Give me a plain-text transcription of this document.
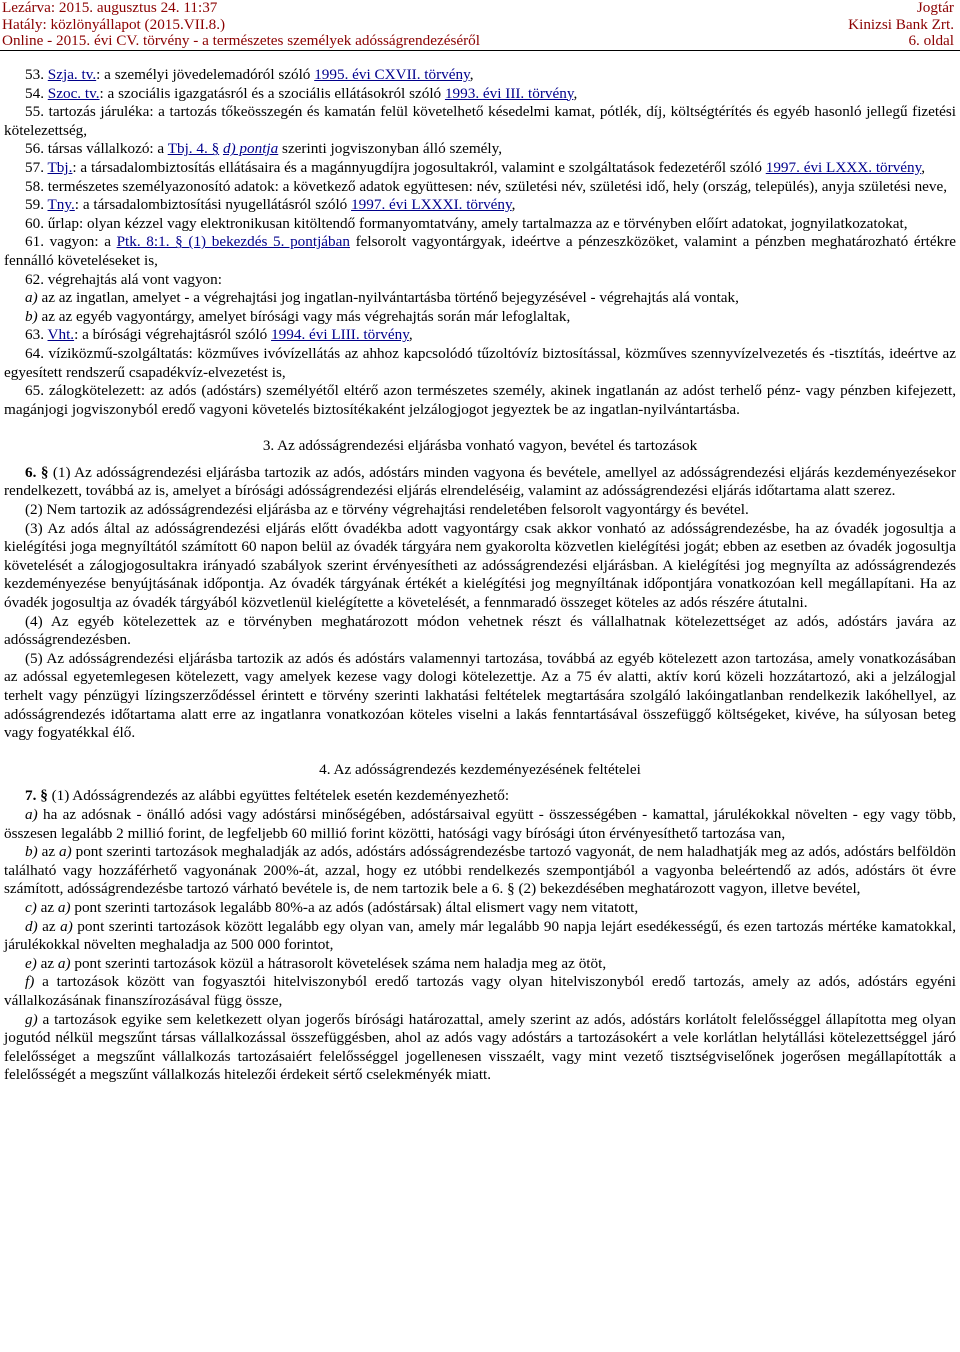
Lezárva: 2015. augusztus 24. 11:37
Hatály: közlönyállapot (2015.VII.8.)
Online - 2015. évi CV. törvény - a természetes személyek adósságrendezéséről
Jogtár
Kinizsi Bank Zrt.
6. oldal

53. Szja. tv.: a személyi jövedelemadóról szóló 1995. évi CXVII. törvény,

54. Szoc. tv.: a szociális igazgatásról és a szociális ellátásokról szóló 1993. évi III. törvény,

55. tartozás járuléka: a tartozás tőkeösszegén és kamatán felül követelhető késedelmi kamat, pótlék, díj, költségtérítés és egyéb hasonló jellegű fizetési kötelezettség,

56. társas vállalkozó: a Tbj. 4. § d) pontja szerinti jogviszonyban álló személy,

57. Tbj.: a társadalombiztosítás ellátásaira és a magánnyugdíjra jogosultakról, valamint e szolgáltatások fedezetéről szóló 1997. évi LXXX. törvény,

58. természetes személyazonosító adatok: a következő adatok együttesen: név, születési név, születési idő, hely (ország, település), anyja születési neve,

59. Tny.: a társadalombiztosítási nyugellátásról szóló 1997. évi LXXXI. törvény,

60. űrlap: olyan kézzel vagy elektronikusan kitöltendő formanyomtatvány, amely tartalmazza az e törvényben előírt adatokat, jognyilatkozatokat,

61. vagyon: a Ptk. 8:1. § (1) bekezdés 5. pontjában felsorolt vagyontárgyak, ideértve a pénzeszközöket, valamint a pénzben meghatározható értékre fennálló követeléseket is,

62. végrehajtás alá vont vagyon:

a) az az ingatlan, amelyet - a végrehajtási jog ingatlan-nyilvántartásba történő bejegyzésével - végrehajtás alá vontak,

b) az az egyéb vagyontárgy, amelyet bírósági vagy más végrehajtás során már lefoglaltak,

63. Vht.: a bírósági végrehajtásról szóló 1994. évi LIII. törvény,

64. víziközmű-szolgáltatás: közműves ivóvízellátás az ahhoz kapcsolódó tűzoltóvíz biztosítással, közműves szennyvízelvezetés és -tisztítás, ideértve az egyesített rendszerű csapadékvíz-elvezetést is,

65. zálogkötelezett: az adós (adóstárs) személyétől eltérő azon természetes személy, akinek ingatlanán az adóst terhelő pénz- vagy pénzben kifejezett, magánjogi jogviszonyból eredő vagyoni követelés biztosítékaként jelzálogjogot jegyeztek be az ingatlan-nyilvántartásba.

3. Az adósságrendezési eljárásba vonható vagyon, bevétel és tartozások

6. § (1) Az adósságrendezési eljárásba tartozik az adós, adóstárs minden vagyona és bevétele, amellyel az adósságrendezési eljárás kezdeményezésekor rendelkezett, továbbá az is, amelyet a bírósági adósságrendezési eljárás elrendeléséig, valamint az adósságrendezési eljárás időtartama alatt szerez.

(2) Nem tartozik az adósságrendezési eljárásba az e törvény végrehajtási rendeletében felsorolt vagyontárgy és bevétel.

(3) Az adós által az adósságrendezési eljárás előtt óvadékba adott vagyontárgy csak akkor vonható az adósságrendezésbe, ha az óvadék jogosultja a kielégítési joga megnyíltától számított 60 napon belül az óvadék tárgyára nem gyakorolta közvetlen kielégítési jogát; ebben az esetben az óvadék jogosultja követelését a zálogjogosultakra irányadó szabályok szerint érvényesítheti az adósságrendezési eljárásban. A kielégítési jog megnyílta az adósságrendezés kezdeményezése benyújtásának időpontja. Az óvadék tárgyának értékét a kielégítési jog megnyíltának időpontjára vonatkozóan kell megállapítani. Ha az óvadék jogosultja az óvadék tárgyából közvetlenül kielégítette a követelését, a fennmaradó összeget köteles az adós részére átutalni.

(4) Az egyéb kötelezettek az e törvényben meghatározott módon vehetnek részt és vállalhatnak kötelezettséget az adós, adóstárs javára az adósságrendezésben.

(5) Az adósságrendezési eljárásba tartozik az adós és adóstárs valamennyi tartozása, továbbá az egyéb kötelezett azon tartozása, amely vonatkozásában az adóssal egyetemlegesen kötelezett, vagy amelyek kezese vagy dologi kötelezettje. Az a 75 év alatti, aktív korú közeli hozzátartozó, aki a jelzálogjal terhelt vagy pénzügyi lízingszerződéssel érintett e törvény szerinti lakhatási feltételek megtartására szolgáló lakóingatlanban rendelkezik lakóhellyel, az adósságrendezés időtartama alatt erre az ingatlanra vonatkozóan köteles viselni a lakás fenntartásával összefüggő költségeket, kivéve, ha súlyosan beteg vagy fogyatékkal élő.

4. Az adósságrendezés kezdeményezésének feltételei

7. § (1) Adósságrendezés az alábbi együttes feltételek esetén kezdeményezhető:

a) ha az adósnak - önálló adósi vagy adóstársi minőségében, adóstársaival együtt - összességében - kamattal, járulékokkal növelten - egy vagy több, összesen legalább 2 millió forint, de legfeljebb 60 millió forint közötti, hatósági vagy bírósági úton érvényesíthető tartozása van,

b) az a) pont szerinti tartozások meghaladják az adós, adóstárs adósságrendezésbe tartozó vagyonát, de nem haladhatják meg az adós, adóstárs belföldön található vagy hozzáférhető vagyonának 200%-át, azzal, hogy ez utóbbi rendelkezés szempontjából a vagyonba beleértendő az adós, adóstárs öt évre számított, adósságrendezésbe tartozó várható bevétele is, de nem tartozik bele a 6. § (2) bekezdésében meghatározott vagyon, illetve bevétel,

c) az a) pont szerinti tartozások legalább 80%-a az adós (adóstársak) által elismert vagy nem vitatott,

d) az a) pont szerinti tartozások között legalább egy olyan van, amely már legalább 90 napja lejárt esedékességű, és ezen tartozás mértéke kamatokkal, járulékokkal növelten meghaladja az 500 000 forintot,

e) az a) pont szerinti tartozások közül a hátrasorolt követelések száma nem haladja meg az ötöt,

f) a tartozások között van fogyasztói hitelviszonyból eredő tartozás vagy olyan hitelviszonyból eredő tartozás, amely az adós, adóstárs egyéni vállalkozásának finanszírozásával függ össze,

g) a tartozások egyike sem keletkezett olyan jogerős bírósági határozattal, amely szerint az adós, adóstárs korlátolt felelősséggel állapította meg olyan jogutód nélkül megszűnt társas vállalkozással összefüggésben, ahol az adós vagy adóstárs a tartozásokért a vele korlátlan helytállási kötelezettséggel járó felelősséget a megszűnt vállalkozás tartozásaiért felelősséggel jogellenesen visszaélt, vagy mint vezető tisztségviselőnek jogerősen megállapították a felelősségét a megszűnt vállalkozás hitelezői érdekeit sértő cselekményék miatt.
